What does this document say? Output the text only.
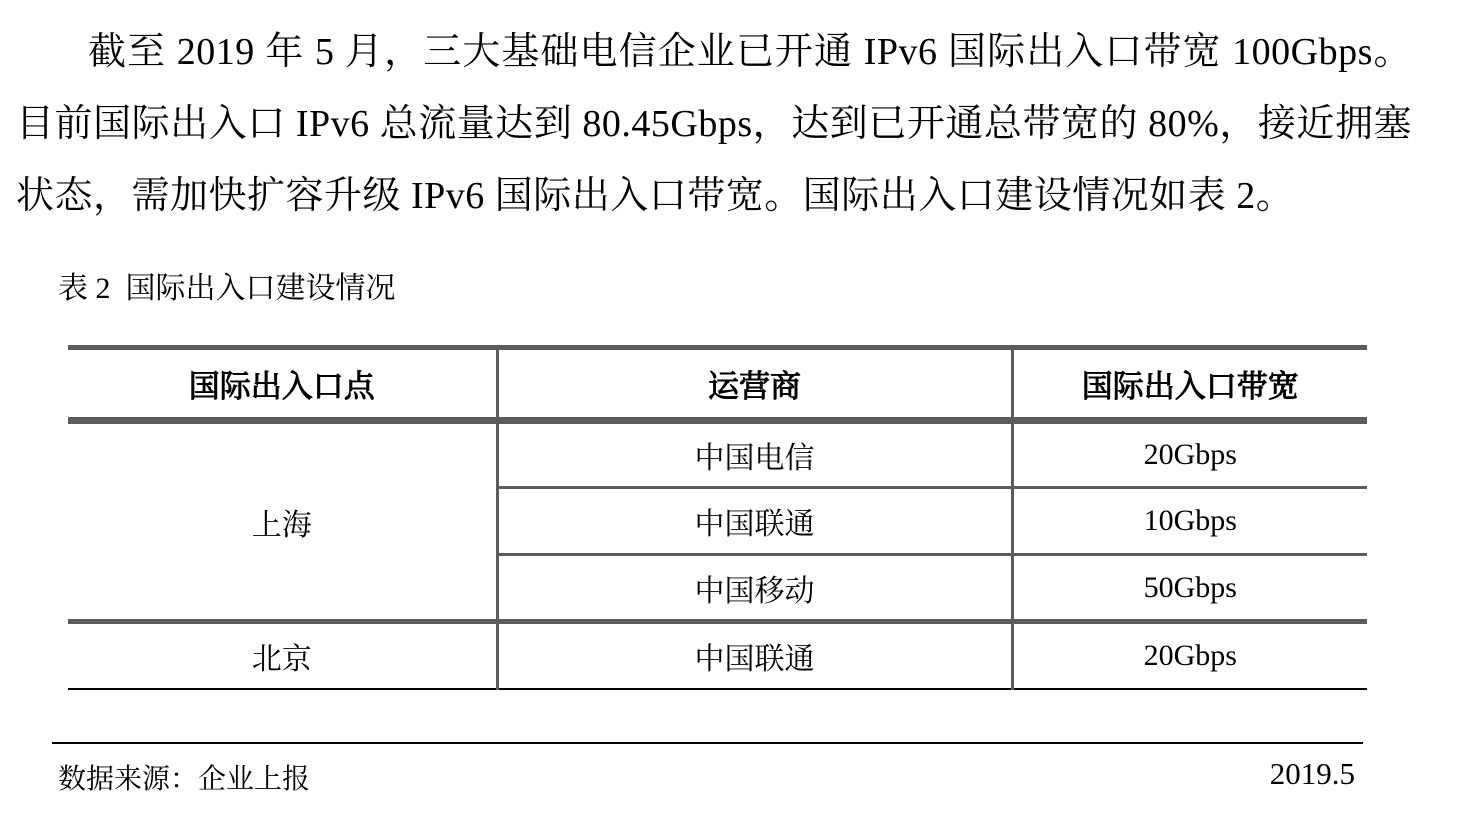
截至 2019 年 5 月，三大基础电信企业已开通 IPv6 国际出入口带宽 100Gbps。目前国际出入口 IPv6 总流量达到 80.45Gbps，达到已开通总带宽的 80%，接近拥塞状态，需加快扩容升级 IPv6 国际出入口带宽。国际出入口建设情况如表 2。

表 2  国际出入口建设情况
国际出入口点	运营商	国际出入口带宽
上海	中国电信	20Gbps
	中国联通	10Gbps
	中国移动	50Gbps
北京	中国联通	20Gbps
数据来源：企业上报	2019.5
